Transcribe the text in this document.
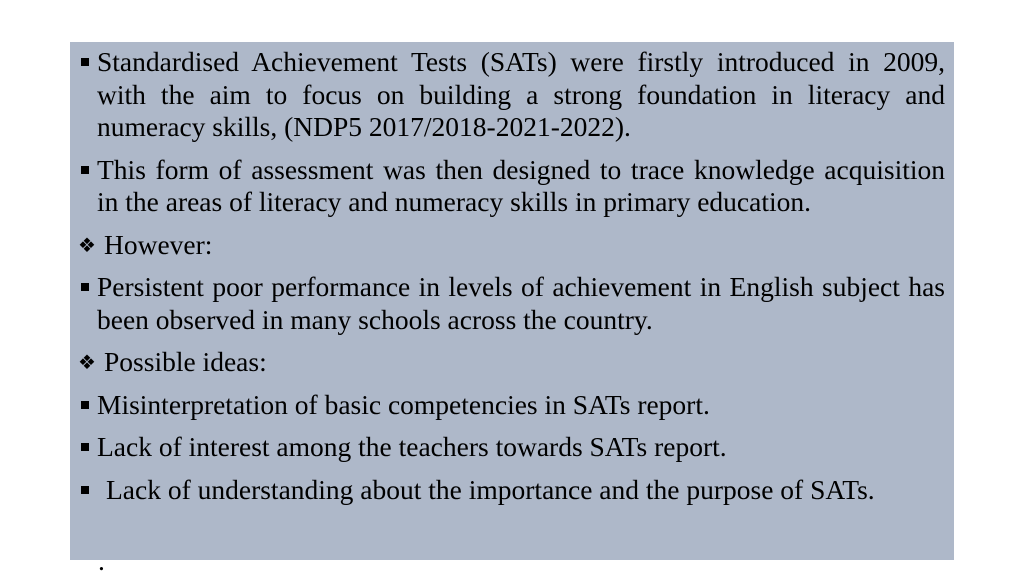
Standardised Achievement Tests (SATs) were firstly introduced in 2009, with the aim to focus on building a strong foundation in literacy and numeracy skills, (NDP5 2017/2018-2021-2022).
This form of assessment was then designed to trace knowledge acquisition in the areas of literacy and numeracy skills in primary education.
❖ However:
Persistent poor performance in levels of achievement in English subject has been observed in many schools across the country.
❖ Possible ideas:
Misinterpretation of basic competencies in SATs report.
Lack of interest among the teachers towards SATs report.
Lack of understanding about the importance and the purpose of SATs.
.
